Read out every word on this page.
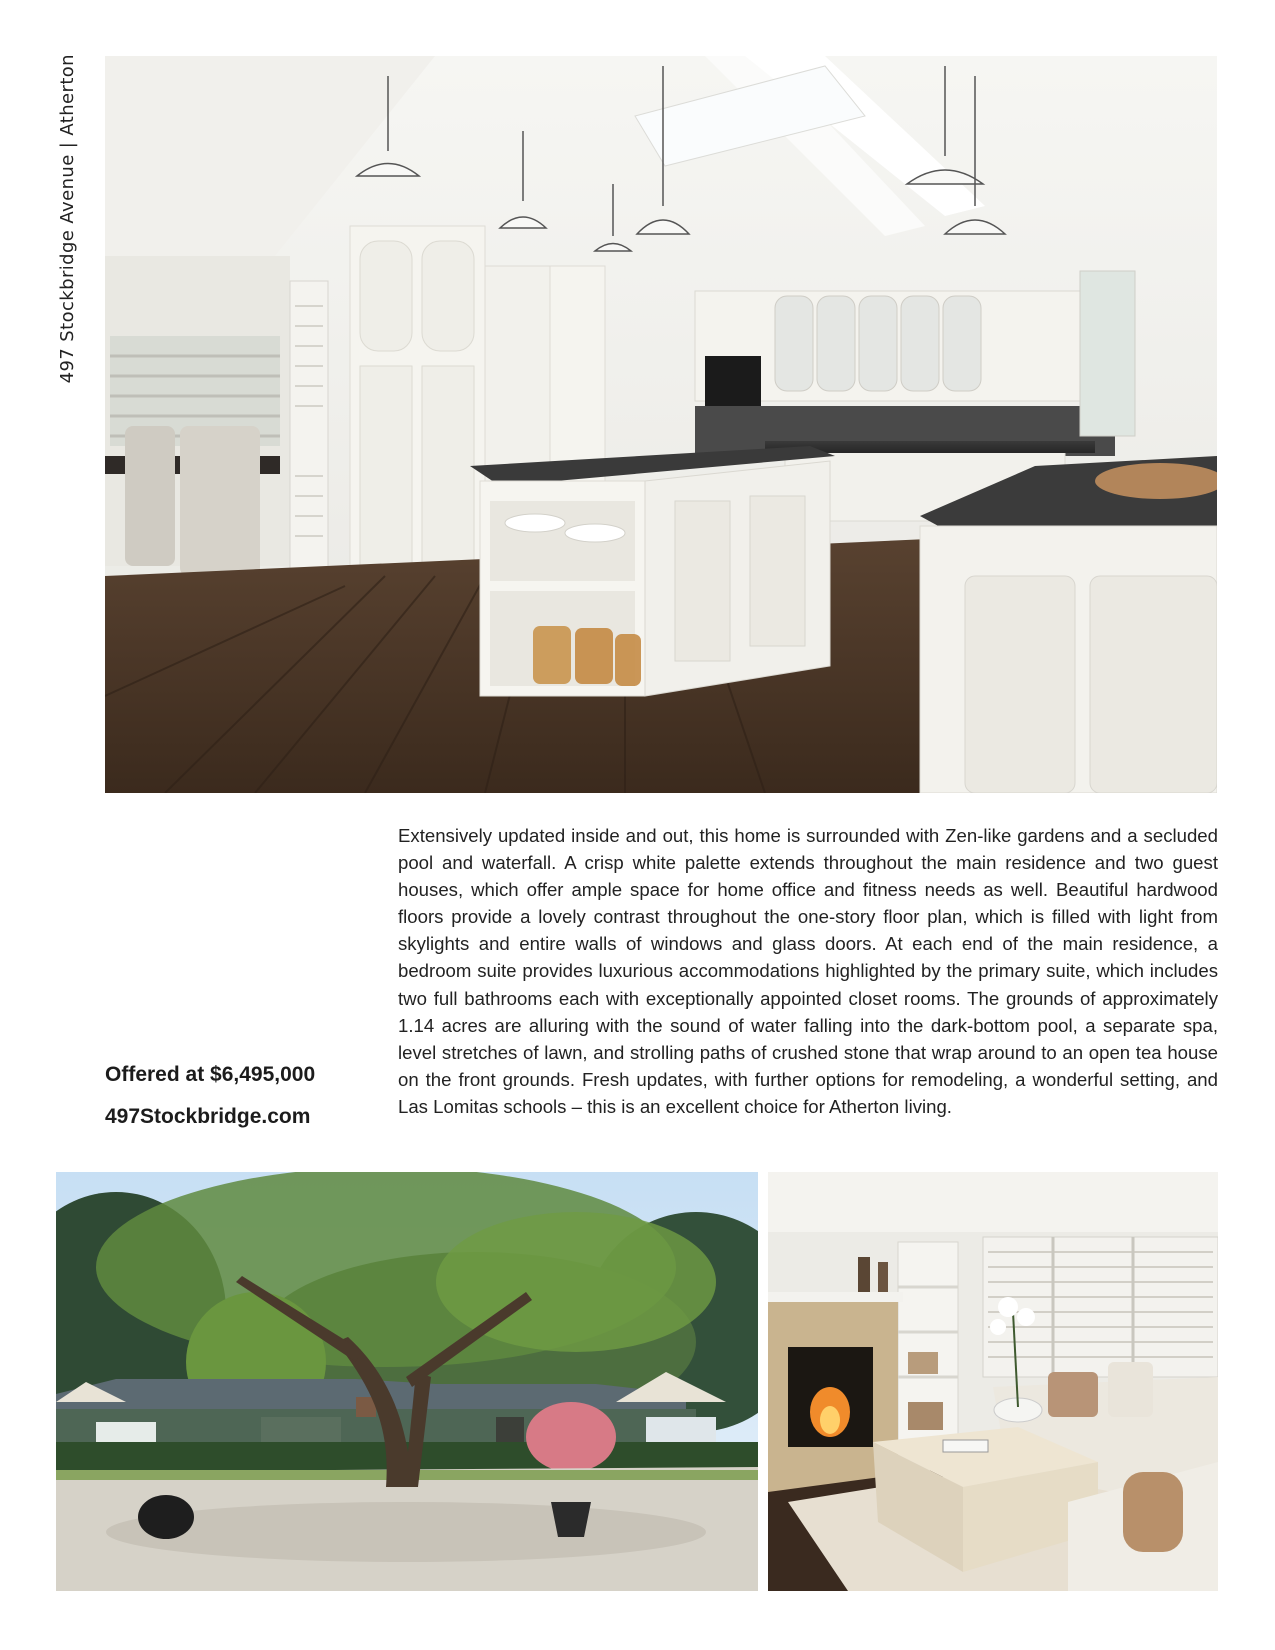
497 Stockbridge Avenue | Atherton
Offered at $6,495,000
497Stockbridge.com

Extensively updated inside and out, this home is surrounded with Zen-like gardens and a secluded pool and waterfall. A crisp white palette extends throughout the main residence and two guest houses, which offer ample space for home office and fitness needs as well. Beautiful hardwood floors provide a lovely contrast throughout the one-story floor plan, which is filled with light from skylights and entire walls of windows and glass doors. At each end of the main residence, a bedroom suite provides luxurious accommodations highlighted by the primary suite, which includes two full bathrooms each with exceptionally appointed closet rooms. The grounds of approximately 1.14 acres are alluring with the sound of water falling into the dark-bottom pool, a separate spa, level stretches of lawn, and strolling paths of crushed stone that wrap around to an open tea house on the front grounds. Fresh updates, with further options for remodeling, a wonderful setting, and Las Lomitas schools – this is an excellent choice for Atherton living.
